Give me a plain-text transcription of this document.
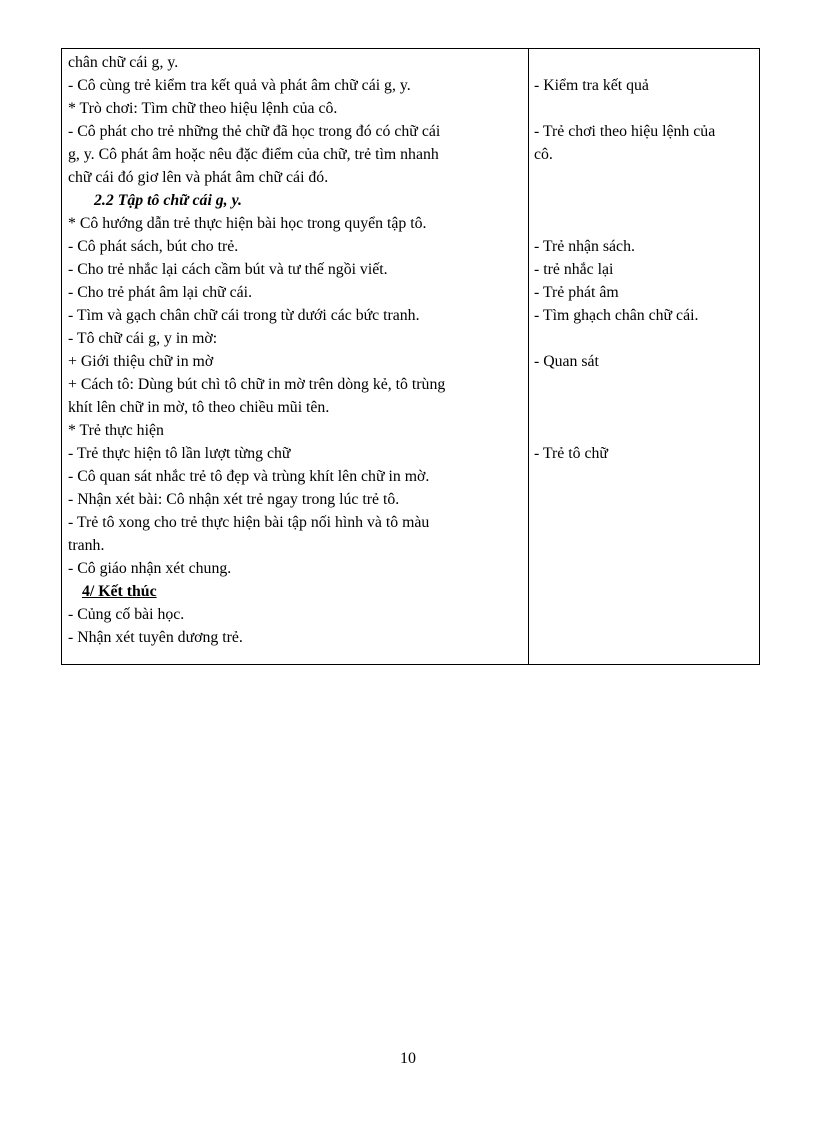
chân chữ cái g, y.
- Cô cùng trẻ kiểm tra kết quả và phát âm chữ cái g, y.
* Trò chơi: Tìm chữ theo hiệu lệnh của cô.
- Cô phát cho trẻ những thẻ chữ đã học trong đó có chữ cái
g, y. Cô phát âm hoặc nêu đặc điểm của chữ, trẻ tìm nhanh
chữ cái đó giơ lên và phát âm chữ cái đó.
2.2 Tập tô chữ cái g, y.
* Cô hướng dẫn trẻ thực hiện bài học trong quyển tập tô.
- Cô phát sách, bút cho trẻ.
- Cho trẻ nhắc lại cách cầm bút và tư thế ngồi viết.
- Cho trẻ phát âm lại chữ cái.
- Tìm và gạch chân chữ cái trong từ dưới các bức tranh.
- Tô chữ cái g, y in mờ:
+ Giới thiệu chữ in mờ
+ Cách tô: Dùng bút chì tô chữ in mờ trên dòng kẻ, tô trùng
khít lên chữ in mờ, tô theo chiều mũi tên.
* Trẻ thực hiện
- Trẻ thực hiện tô lần lượt từng chữ
- Cô quan sát nhắc trẻ tô đẹp và trùng khít lên chữ in mờ.
- Nhận xét bài: Cô nhận xét trẻ ngay trong lúc trẻ tô.
- Trẻ tô xong cho trẻ thực hiện bài tập nối hình và tô màu
tranh.
- Cô giáo nhận xét chung.
4/ Kết thúc
- Củng cố bài học.
- Nhận xét tuyên dương trẻ.
- Kiểm tra kết quả
- Trẻ chơi theo hiệu lệnh của
cô.
- Trẻ nhận sách.
- trẻ nhắc lại
- Trẻ phát âm
- Tìm ghạch chân chữ cái.
- Quan sát
- Trẻ tô chữ
10
